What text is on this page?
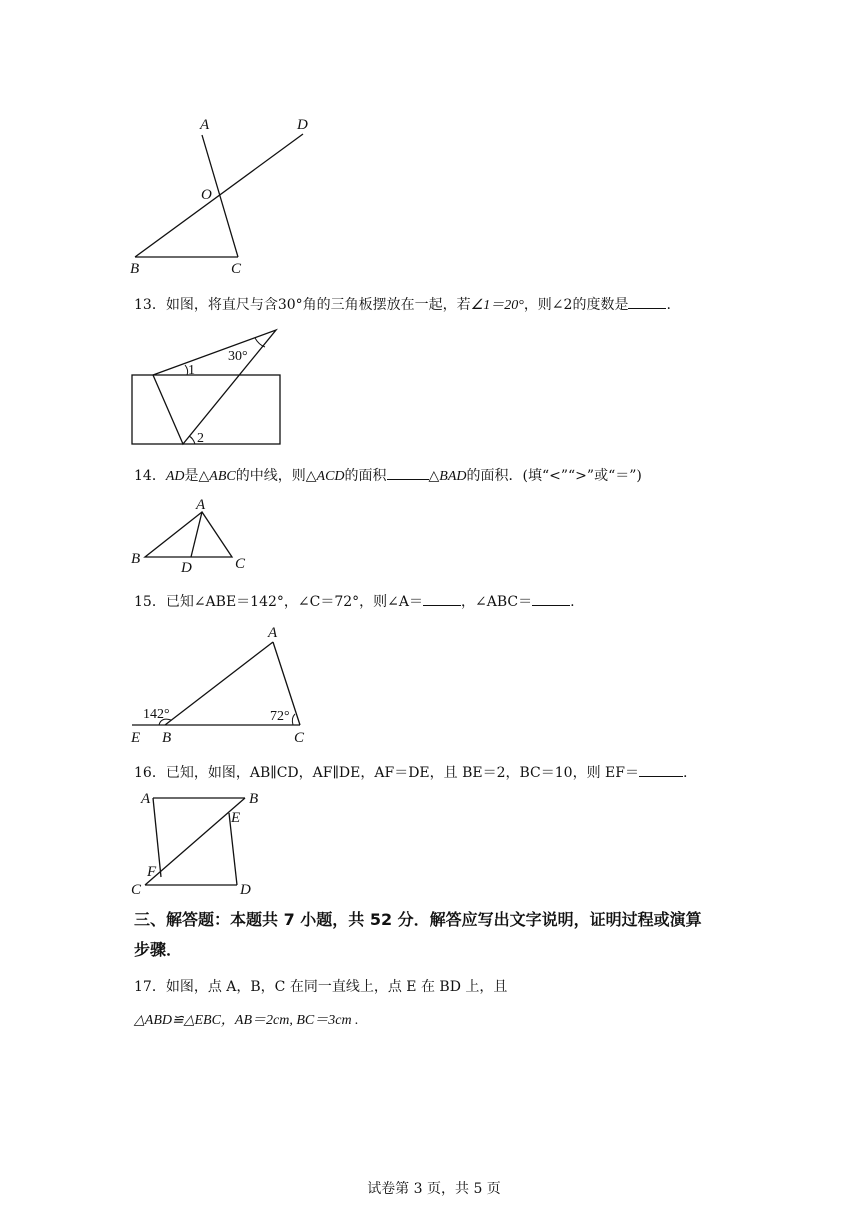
A	D
O
B	C
13．如图，将直尺与含30°角的三角板摆放在一起，若∠1＝20°，则∠2的度数是	.
30°
1
2
14．AD是△ABC的中线，则△ACD的面积	△BAD的面积．(填“<”“>”或“＝”)
A
B
D	C
15．已知∠ABE＝142°，∠C＝72°，则∠A＝	，∠ABC＝	.
A
E B	C
142°	72°
16．已知，如图，AB∥CD，AF∥DE，AF＝DE，且 BE＝2，BC＝10，则 EF＝	.
A	B
E
F
C	D
三、解答题：本题共 7 小题，共 52 分．解答应写出文字说明，证明过程或演算
步骤．
17．如图，点 A，B，C 在同一直线上，点 E 在 BD 上，且
△ABD≌△EBC，AB＝2cm, BC＝3cm .
试卷第 3 页，共 5 页
